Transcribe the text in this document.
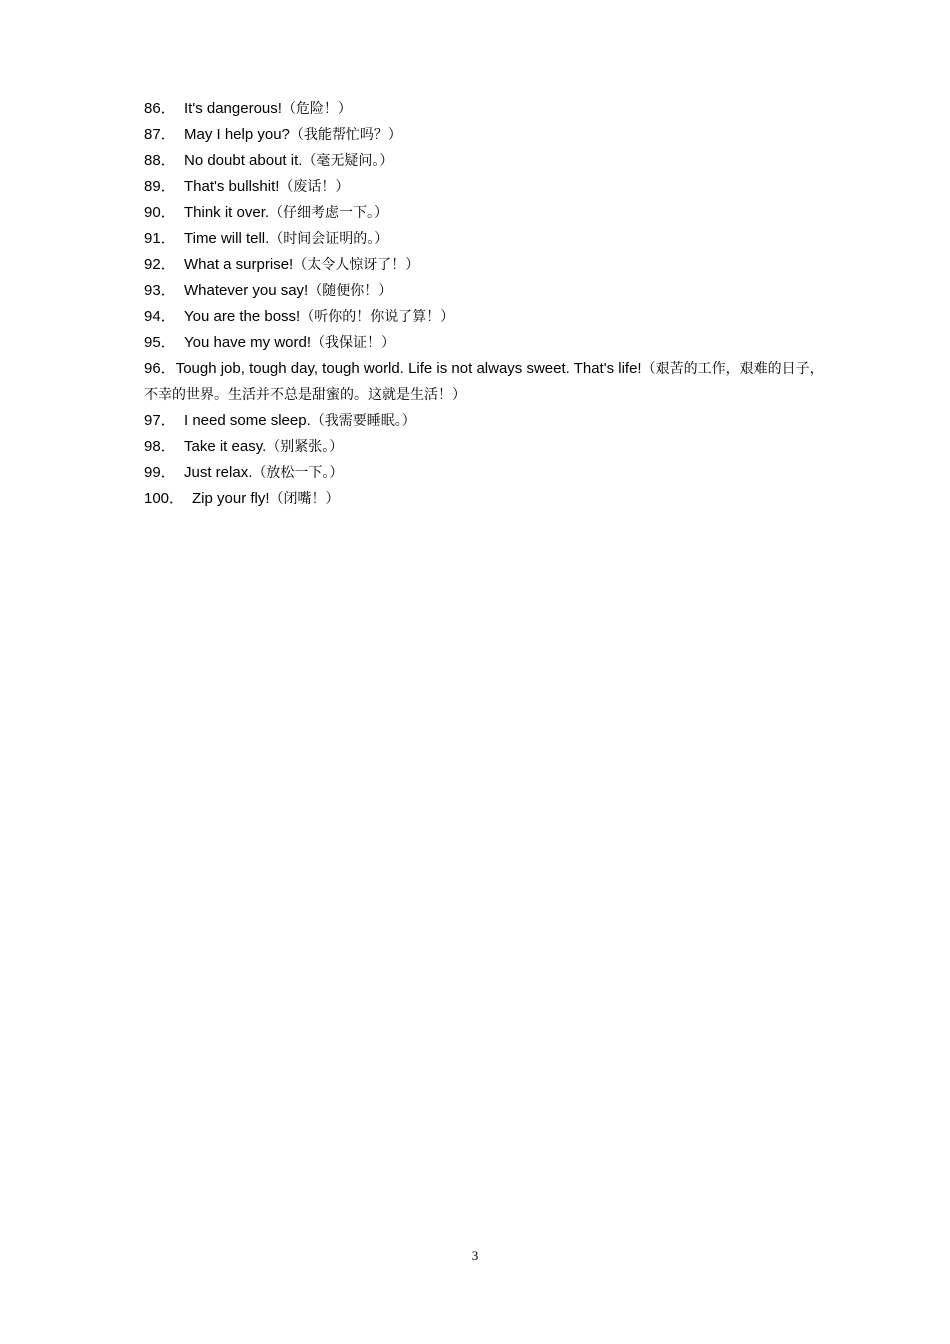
86． It's dangerous!（危险！）
87． May I help you?（我能帮忙吗？）
88． No doubt about it.（毫无疑问。）
89． That's bullshit!（废话！）
90． Think it over.（仔细考虑一下。）
91． Time will tell.（时间会证明的。）
92． What a surprise!（太令人惊讶了！）
93． Whatever you say!（随便你！）
94． You are the boss!（听你的！你说了算！）
95． You have my word!（我保证！）
96．Tough job, tough day, tough world. Life is not always sweet. That's life!（艰苦的工作，艰难的日子，不幸的世界。生活并不总是甜蜜的。这就是生活！）
97． I need some sleep.（我需要睡眠。）
98． Take it easy.（别紧张。）
99． Just relax.（放松一下。）
100． Zip your fly!（闭嘴！）
3
